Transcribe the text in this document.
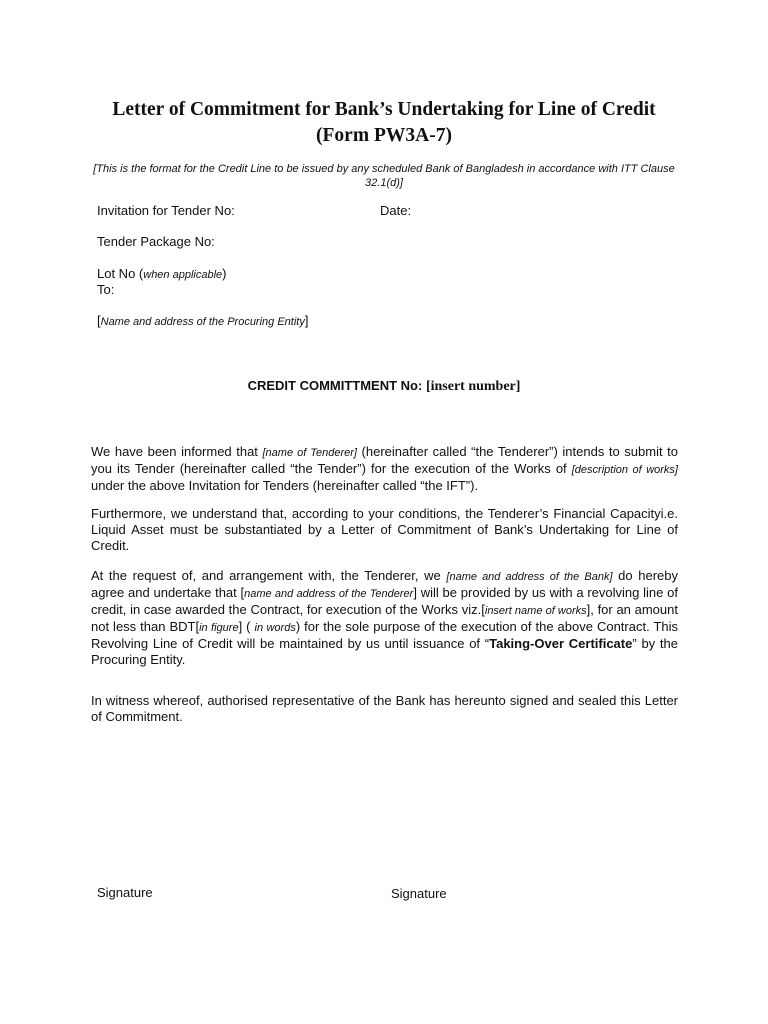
Letter of Commitment for Bank’s Undertaking for Line of Credit
(Form PW3A-7)
[This is the format for the Credit Line to be issued by any scheduled Bank of Bangladesh in accordance with ITT Clause 32.1(d)]
Invitation for Tender No:	Date:
Tender Package No:
Lot No (when applicable)
To:
[Name and address of the Procuring Entity]
CREDIT COMMITTMENT No: [insert number]
We have been informed that [name of Tenderer] (hereinafter called “the Tenderer”) intends to submit to you its Tender (hereinafter called “the Tender”) for the execution of the Works of [description of works] under the above Invitation for Tenders (hereinafter called “the IFT”).
Furthermore, we understand that, according to your conditions, the Tenderer’s Financial Capacityi.e. Liquid Asset must be substantiated by a Letter of Commitment of Bank’s Undertaking for Line of Credit.
At the request of, and arrangement with, the Tenderer, we [name and address of the Bank] do hereby agree and undertake that [name and address of the Tenderer] will be provided by us with a revolving line of credit, in case awarded the Contract, for execution of the Works viz.[insert name of works], for an amount not less than BDT[in figure] ( in words) for the sole purpose of the execution of the above Contract. This Revolving Line of Credit will be maintained by us until issuance of “Taking-Over Certificate” by the Procuring Entity.
In witness whereof, authorised representative of the Bank has hereunto signed and sealed this Letter of Commitment.
Signature	Signature
